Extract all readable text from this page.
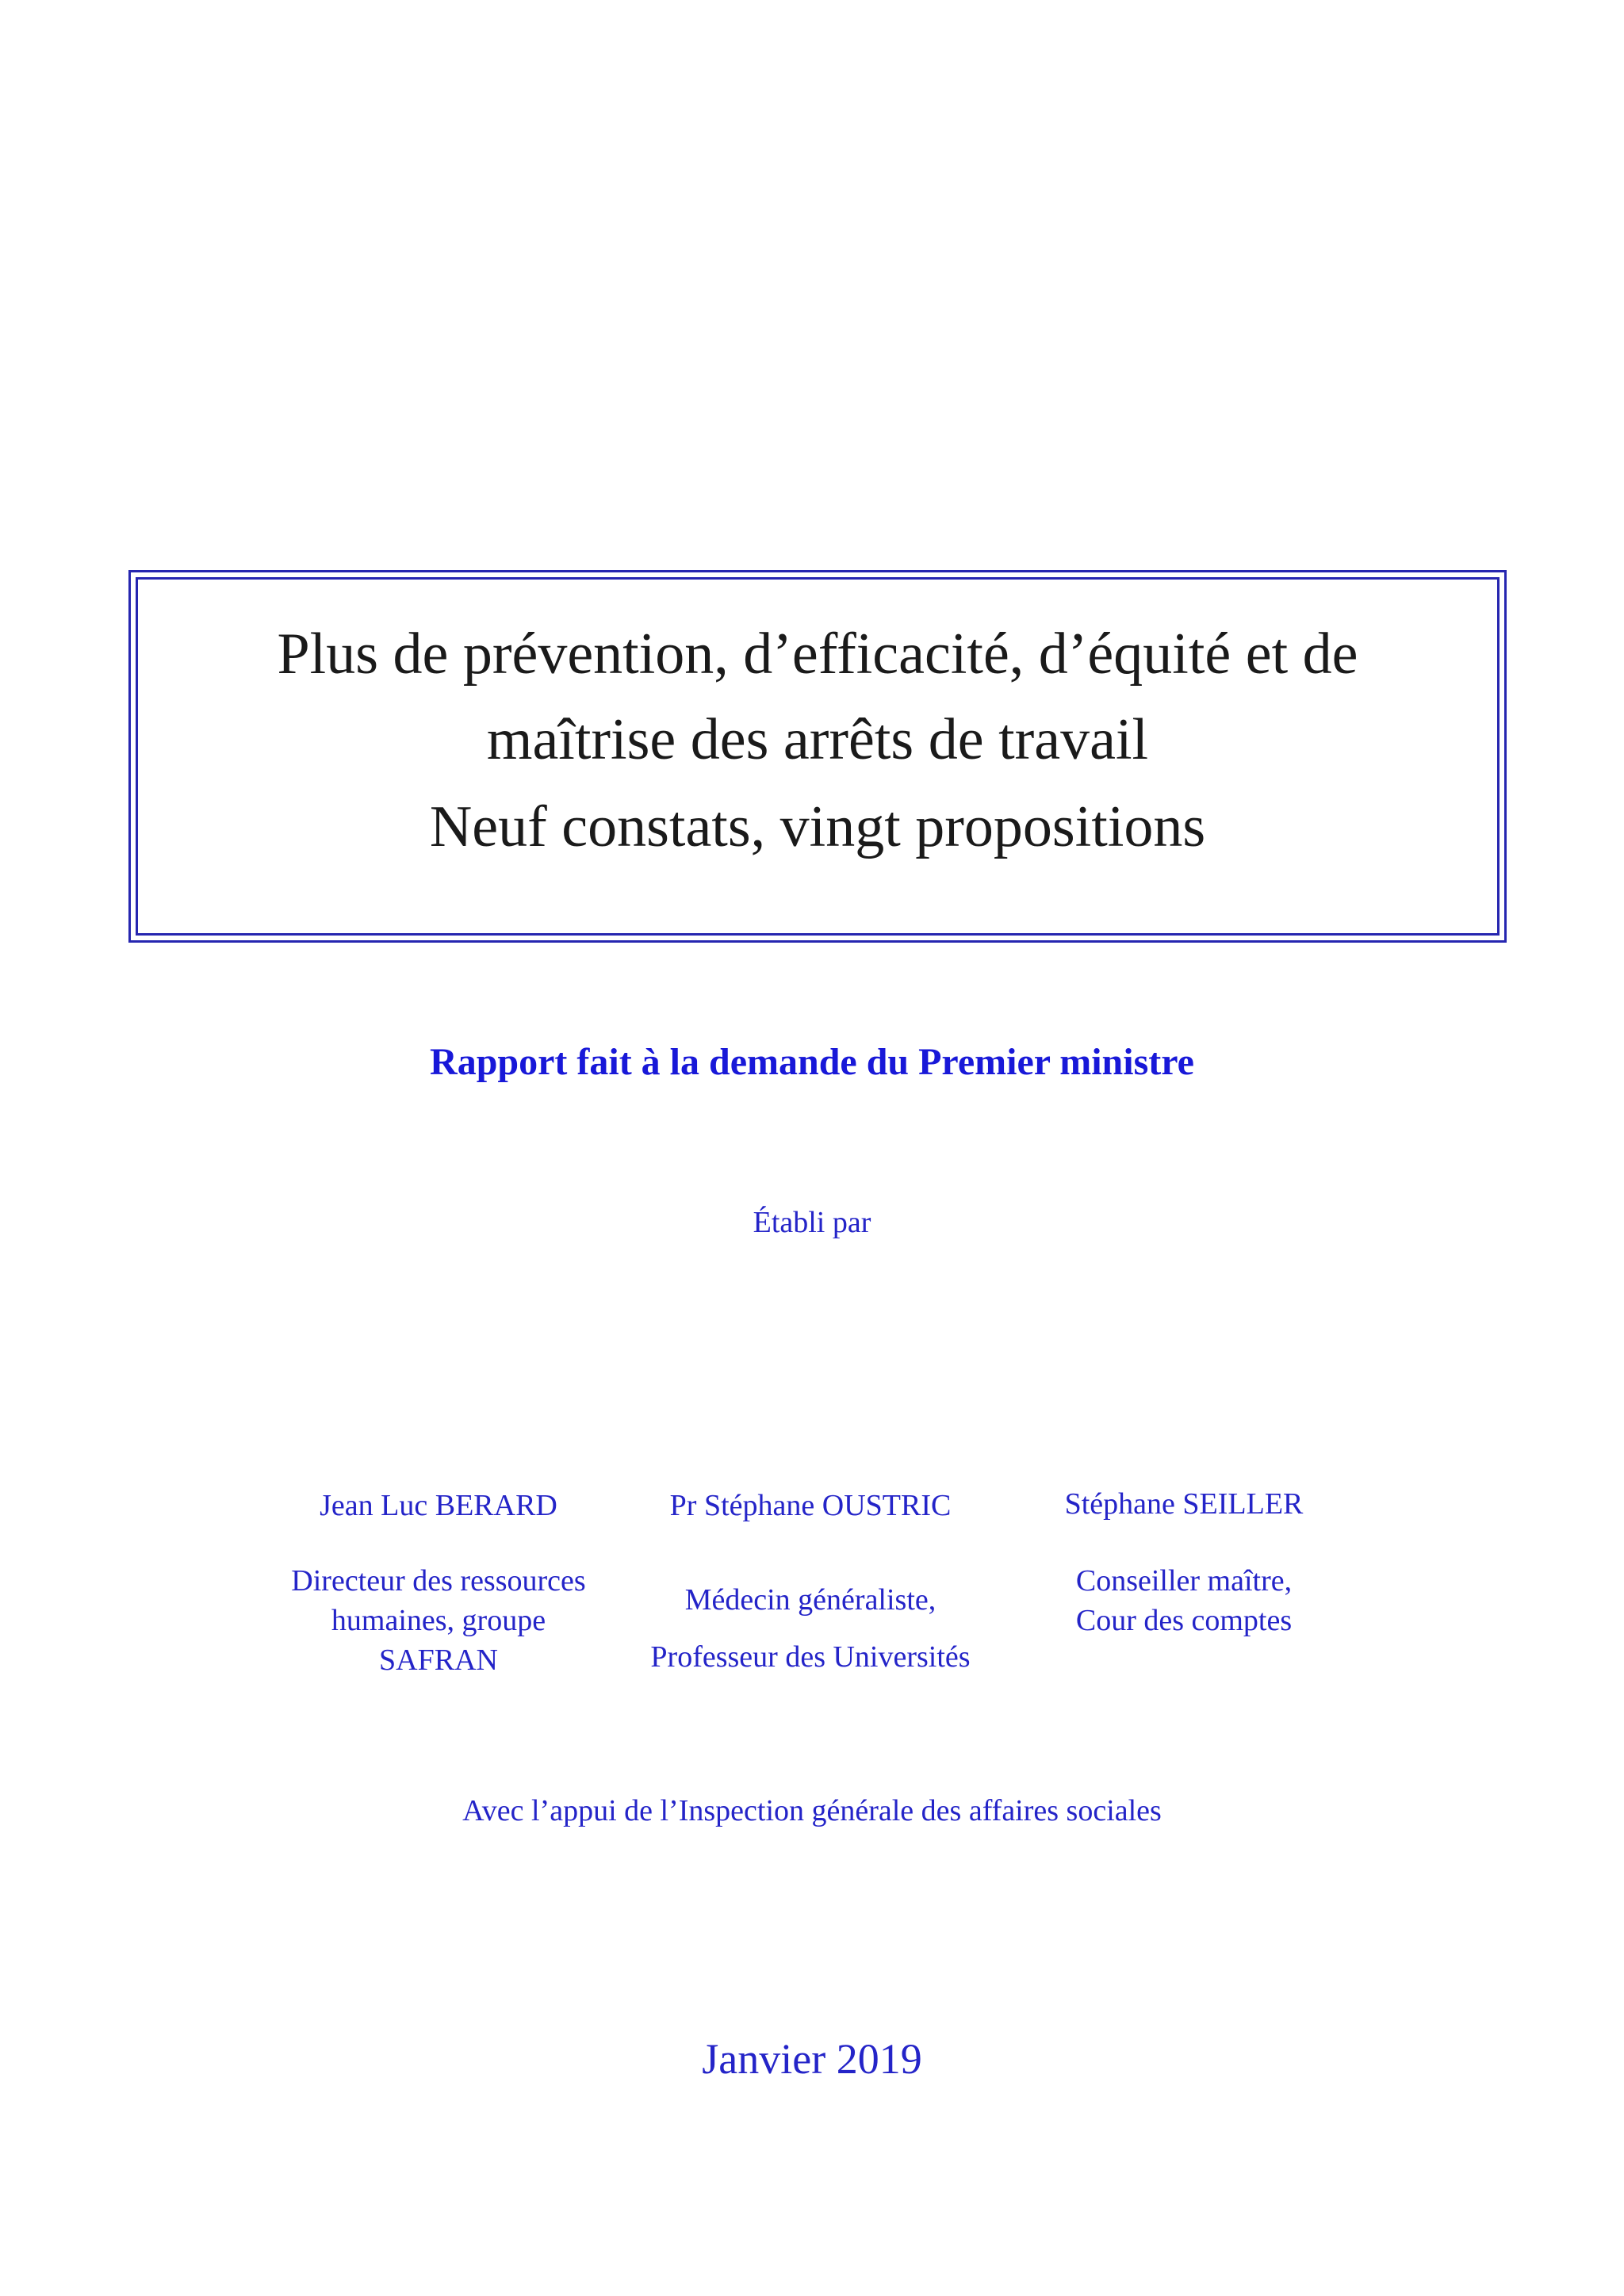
Plus de prévention, d’efficacité, d’équité et de
maîtrise des arrêts de travail
Neuf constats, vingt propositions
Rapport fait à la demande du Premier ministre
Établi par
Jean Luc BERARD
Directeur des ressources
humaines, groupe
SAFRAN
Pr Stéphane OUSTRIC
Médecin généraliste,
Professeur des Universités
Stéphane SEILLER
Conseiller maître,
Cour des comptes
Avec l’appui de l’Inspection générale des affaires sociales
Janvier 2019
